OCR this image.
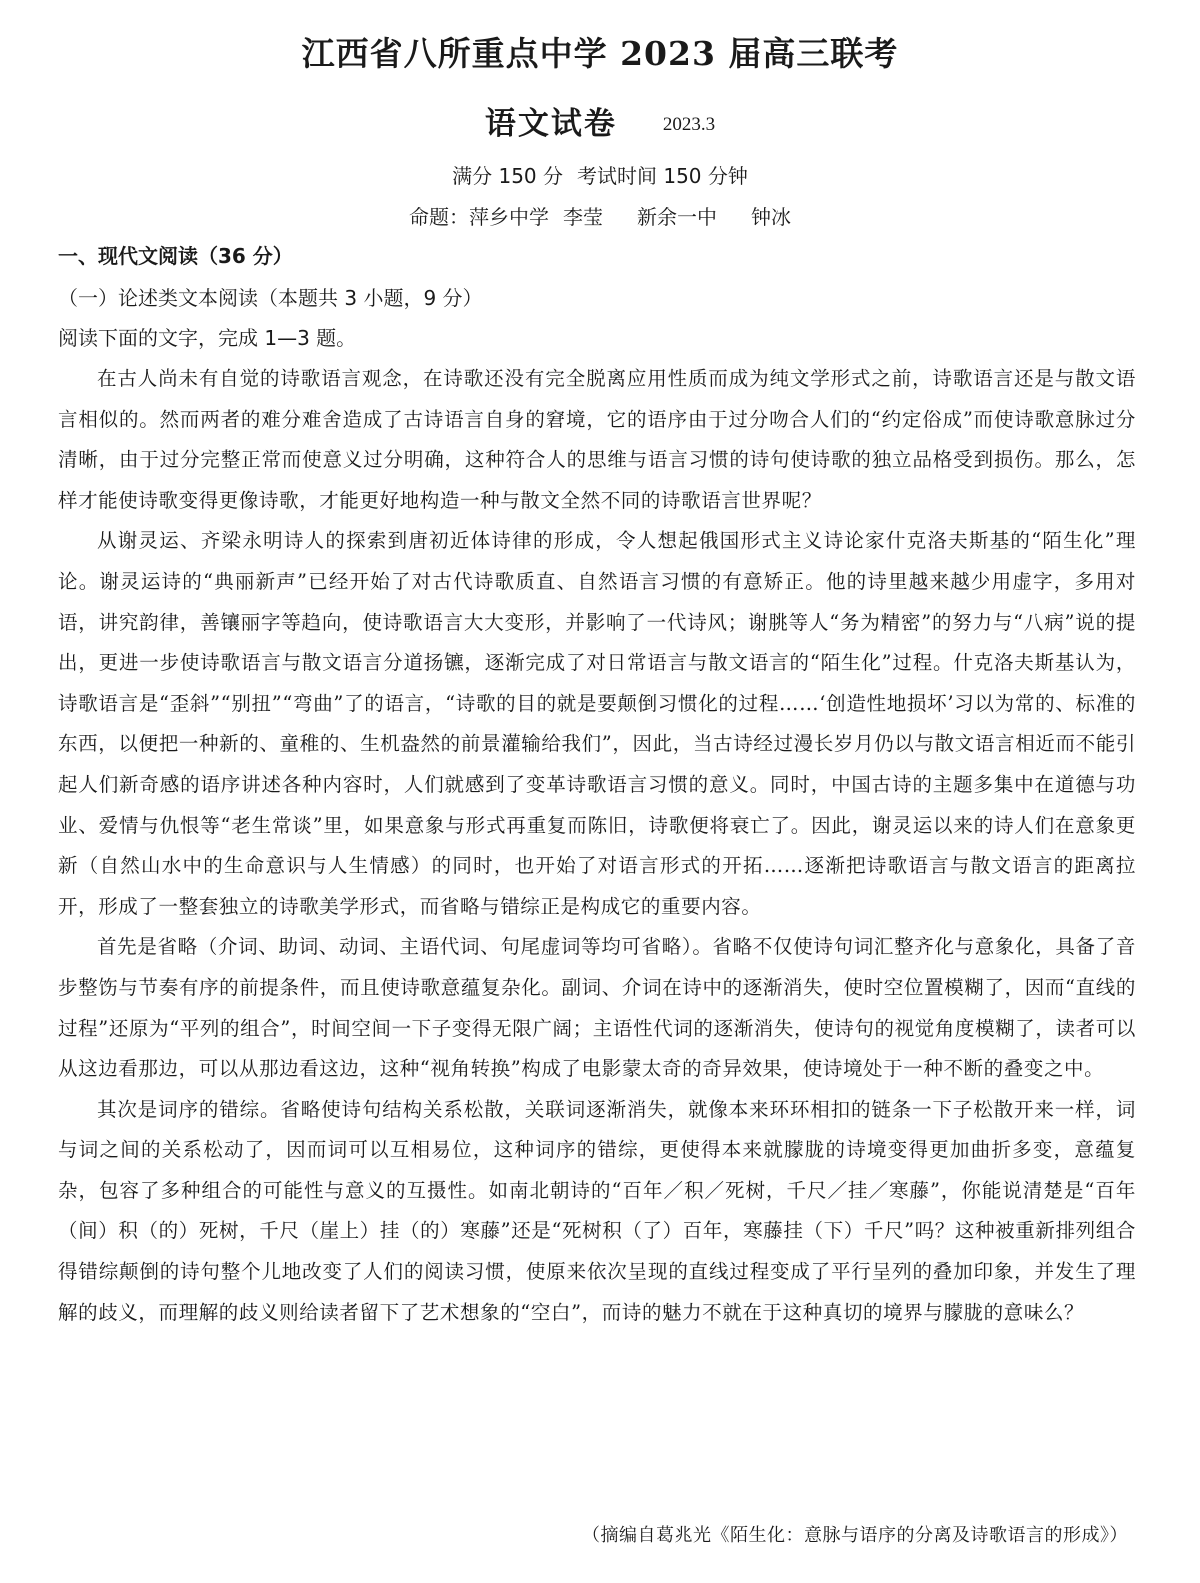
江西省八所重点中学 2023 届高三联考
语文试卷 2023.3
满分 150 分 考试时间 150 分钟
命题：萍乡中学 李莹 新余一中 钟冰
一、现代文阅读（36 分）
（一）论述类文本阅读（本题共 3 小题，9 分）
阅读下面的文字，完成 1—3 题。

在古人尚未有自觉的诗歌语言观念，在诗歌还没有完全脱离应用性质而成为纯文学形式之前，诗歌语言还是与散文语言相似的。然而两者的难分难舍造成了古诗语言自身的窘境，它的语序由于过分吻合人们的“约定俗成”而使诗歌意脉过分清晰，由于过分完整正常而使意义过分明确，这种符合人的思维与语言习惯的诗句使诗歌的独立品格受到损伤。那么，怎样才能使诗歌变得更像诗歌，才能更好地构造一种与散文全然不同的诗歌语言世界呢？

从谢灵运、齐梁永明诗人的探索到唐初近体诗律的形成，令人想起俄国形式主义诗论家什克洛夫斯基的“陌生化”理论。谢灵运诗的“典丽新声”已经开始了对古代诗歌质直、自然语言习惯的有意矫正。他的诗里越来越少用虚字，多用对语，讲究韵律，善镶丽字等趋向，使诗歌语言大大变形，并影响了一代诗风；谢朓等人“务为精密”的努力与“八病”说的提出，更进一步使诗歌语言与散文语言分道扬镳，逐渐完成了对日常语言与散文语言的“陌生化”过程。什克洛夫斯基认为，诗歌语言是“歪斜”“别扭”“弯曲”了的语言，“诗歌的目的就是要颠倒习惯化的过程……‘创造性地损坏’习以为常的、标准的东西，以便把一种新的、童稚的、生机盎然的前景灌输给我们”，因此，当古诗经过漫长岁月仍以与散文语言相近而不能引起人们新奇感的语序讲述各种内容时，人们就感到了变革诗歌语言习惯的意义。同时，中国古诗的主题多集中在道德与功业、爱情与仇恨等“老生常谈”里，如果意象与形式再重复而陈旧，诗歌便将衰亡了。因此，谢灵运以来的诗人们在意象更新（自然山水中的生命意识与人生情感）的同时，也开始了对语言形式的开拓……逐渐把诗歌语言与散文语言的距离拉开，形成了一整套独立的诗歌美学形式，而省略与错综正是构成它的重要内容。

首先是省略（介词、助词、动词、主语代词、句尾虚词等均可省略）。省略不仅使诗句词汇整齐化与意象化，具备了音步整饬与节奏有序的前提条件，而且使诗歌意蕴复杂化。副词、介词在诗中的逐渐消失，使时空位置模糊了，因而“直线的过程”还原为“平列的组合”，时间空间一下子变得无限广阔；主语性代词的逐渐消失，使诗句的视觉角度模糊了，读者可以从这边看那边，可以从那边看这边，这种“视角转换”构成了电影蒙太奇的奇异效果，使诗境处于一种不断的叠变之中。

其次是词序的错综。省略使诗句结构关系松散，关联词逐渐消失，就像本来环环相扣的链条一下子松散开来一样，词与词之间的关系松动了，因而词可以互相易位，这种词序的错综，更使得本来就朦胧的诗境变得更加曲折多变，意蕴复杂，包容了多种组合的可能性与意义的互摄性。如南北朝诗的“百年／积／死树，千尺／挂／寒藤”，你能说清楚是“百年（间）积（的）死树，千尺（崖上）挂（的）寒藤”还是“死树积（了）百年，寒藤挂（下）千尺”吗？这种被重新排列组合得错综颠倒的诗句整个儿地改变了人们的阅读习惯，使原来依次呈现的直线过程变成了平行呈列的叠加印象，并发生了理解的歧义，而理解的歧义则给读者留下了艺术想象的“空白”，而诗的魅力不就在于这种真切的境界与朦胧的意味么？

（摘编自葛兆光《陌生化：意脉与语序的分离及诗歌语言的形成》）
